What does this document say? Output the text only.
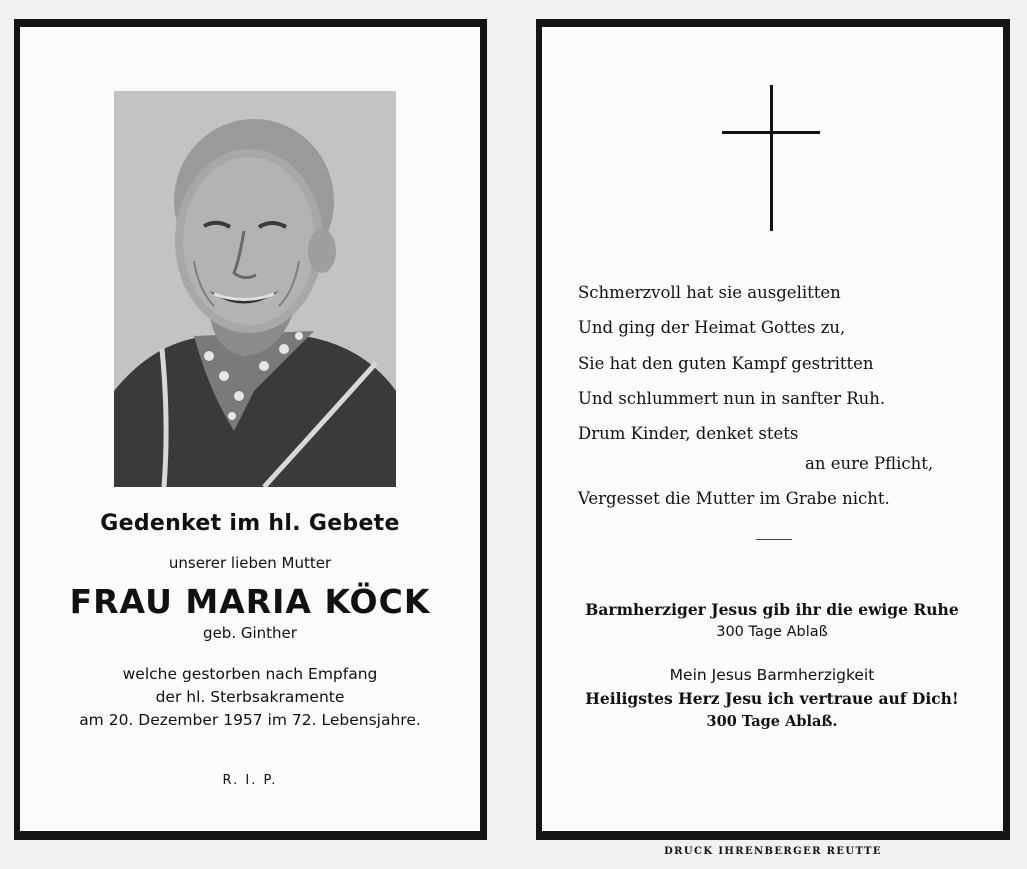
Gedenket im hl. Gebete
unserer lieben Mutter
FRAU MARIA KÖCK
geb. Ginther
welche gestorben nach Empfang
der hl. Sterbsakramente
am 20. Dezember 1957 im 72. Lebensjahre.
R. I. P.
Schmerzvoll hat sie ausgelitten
Und ging der Heimat Gottes zu,
Sie hat den guten Kampf gestritten
Und schlummert nun in sanfter Ruh.
Drum Kinder, denket stets
an eure Pflicht,
Vergesset die Mutter im Grabe nicht.
Barmherziger Jesus gib ihr die ewige Ruhe
300 Tage Ablaß
Mein Jesus Barmherzigkeit
Heiligstes Herz Jesu ich vertraue auf Dich!
300 Tage Ablaß.
DRUCK IHRENBERGER REUTTE
